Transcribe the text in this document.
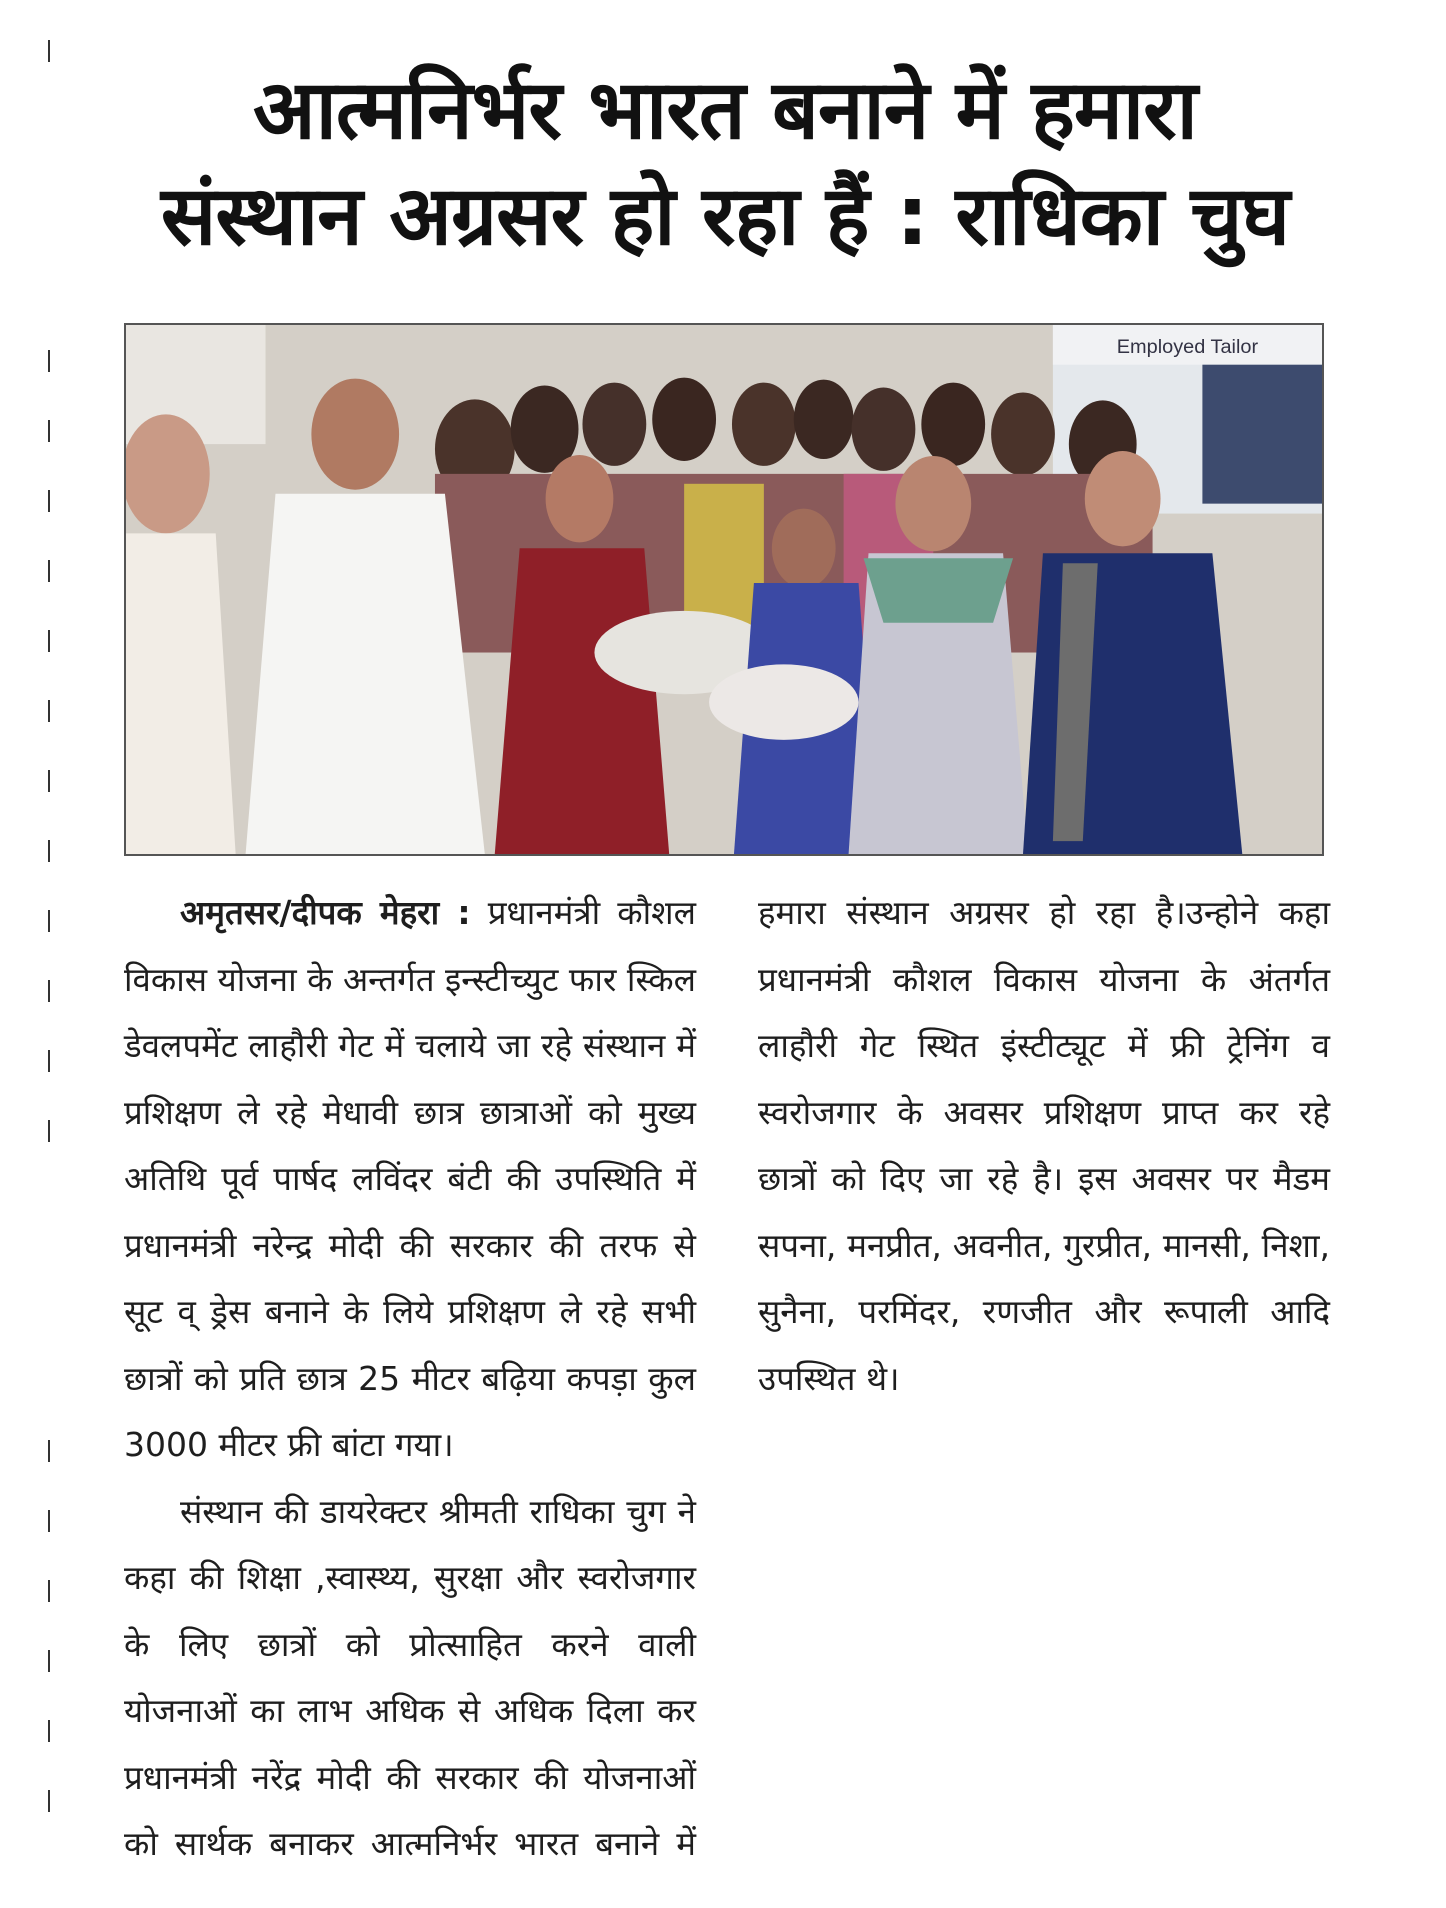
आत्मनिर्भर भारत बनाने में हमारा
संस्थान अग्रसर हो रहा हैं : राधिका चुघ
Employed Tailor

अमृतसर/दीपक मेहरा : प्रधानमंत्री कौशल विकास योजना के अन्तर्गत इन्स्टीच्युट फार स्किल डेवलपमेंट लाहौरी गेट में चलाये जा रहे संस्थान में प्रशिक्षण ले रहे मेधावी छात्र छात्राओं को मुख्य अतिथि पूर्व पार्षद लविंदर बंटी की उपस्थिति में प्रधानमंत्री नरेन्द्र मोदी की सरकार की तरफ से सूट व् ड्रेस बनाने के लिये प्रशिक्षण ले रहे सभी छात्रों को प्रति छात्र 25 मीटर बढ़िया कपड़ा कुल 3000 मीटर फ्री बांटा गया।

संस्थान की डायरेक्टर श्रीमती राधिका चुग ने कहा की शिक्षा ,स्वास्थ्य, सुरक्षा और स्वरोजगार के लिए छात्रों को प्रोत्साहित करने वाली योजनाओं का लाभ अधिक से अधिक दिला कर प्रधानमंत्री नरेंद्र मोदी की सरकार की योजनाओं को सार्थक बनाकर आत्मनिर्भर भारत बनाने में हमारा संस्थान अग्रसर हो रहा है।उन्होने कहा प्रधानमंत्री कौशल विकास योजना के अंतर्गत लाहौरी गेट स्थित इंस्टीट्यूट में फ्री ट्रेनिंग व स्वरोजगार के अवसर प्रशिक्षण प्राप्त कर रहे छात्रों को दिए जा रहे है। इस अवसर पर मैडम सपना, मनप्रीत, अवनीत, गुरप्रीत, मानसी, निशा, सुनैना, परमिंदर, रणजीत और रूपाली आदि उपस्थित थे।
